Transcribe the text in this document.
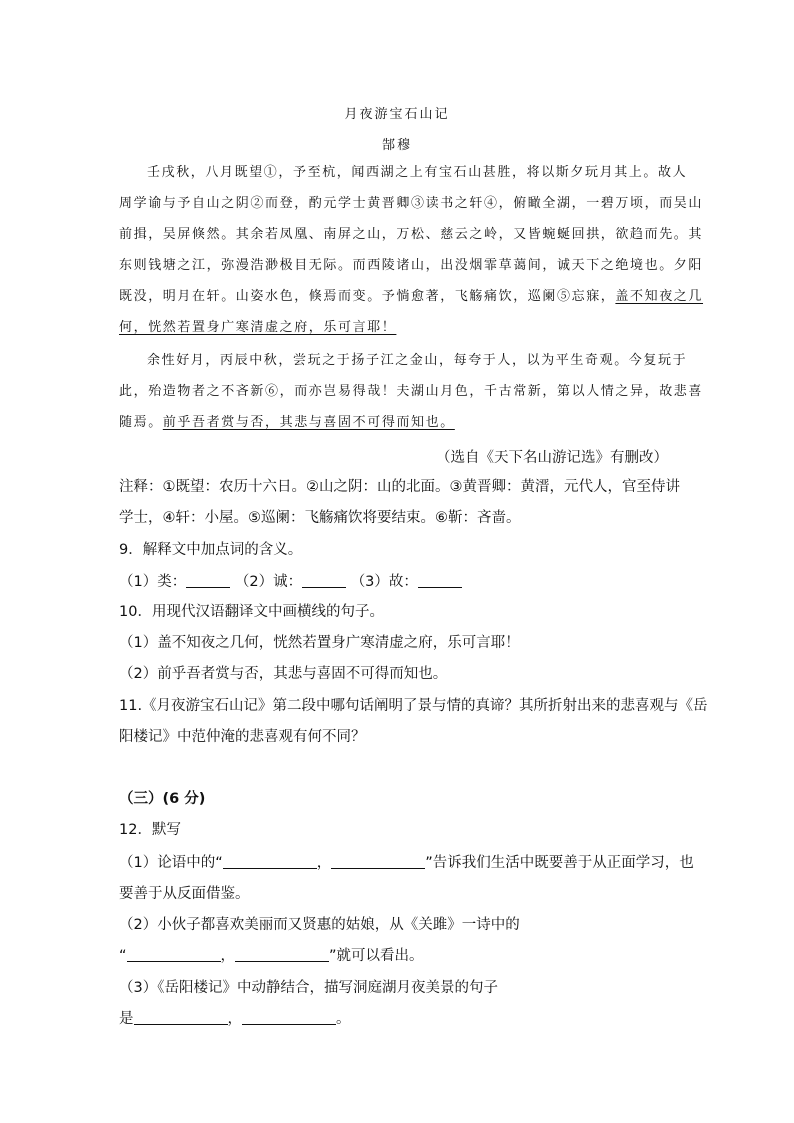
月夜游宝石山记
郜穆
壬戌秋，八月既望①，予至杭，闻西湖之上有宝石山甚胜，将以斯夕玩月其上。故人
周学谕与予自山之阴②而登，酌元学士黄晋卿③读书之轩④，俯瞰全湖，一碧万顷，而吴山
前揖，吴屏倏然。其余若凤凰、南屏之山，万松、慈云之岭，又皆蜿蜒回拱，欲趋而先。其
东则钱塘之江，弥漫浩渺极目无际。而西陵诸山，出没烟霏草蔼间，诚天下之绝境也。夕阳
既没，明月在轩。山姿水色，倏焉而变。予惝愈著，飞觞痛饮，巡阑⑤忘寐，盖不知夜之几
何，恍然若置身广寒清虚之府，乐可言耶！
余性好月，丙辰中秋，尝玩之于扬子江之金山，每夸于人，以为平生奇观。今复玩于
此，殆造物者之不吝新⑥，而亦岂易得哉！夫湖山月色，千古常新，第以人情之异，故悲喜
随焉。前乎吾者赏与否，其悲与喜固不可得而知也。
（选自《天下名山游记选》有删改）
注释：①既望：农历十六日。②山之阴：山的北面。③黄晋卿：黄溍，元代人，官至侍讲
学士，④轩：小屋。⑤巡阑：飞觞痛饮将要结束。⑥靳：吝啬。
9．解释文中加点词的含义。
（1）类：	（2）诚：	（3）故：
10．用现代汉语翻译文中画横线的句子。
（1）盖不知夜之几何，恍然若置身广寒清虚之府，乐可言耶！
（2）前乎吾者赏与否，其悲与喜固不可得而知也。
11.《月夜游宝石山记》第二段中哪句话阐明了景与情的真谛？其所折射出来的悲喜观与《岳
阳楼记》中范仲淹的悲喜观有何不同？
（三）(6 分)
12．默写
（1）论语中的“	，	”告诉我们生活中既要善于从正面学习，也
要善于从反面借鉴。
（2）小伙子都喜欢美丽而又贤惠的姑娘，从《关雎》一诗中的
“	，	”就可以看出。
（3）《岳阳楼记》中动静结合，描写洞庭湖月夜美景的句子
是	，	。
